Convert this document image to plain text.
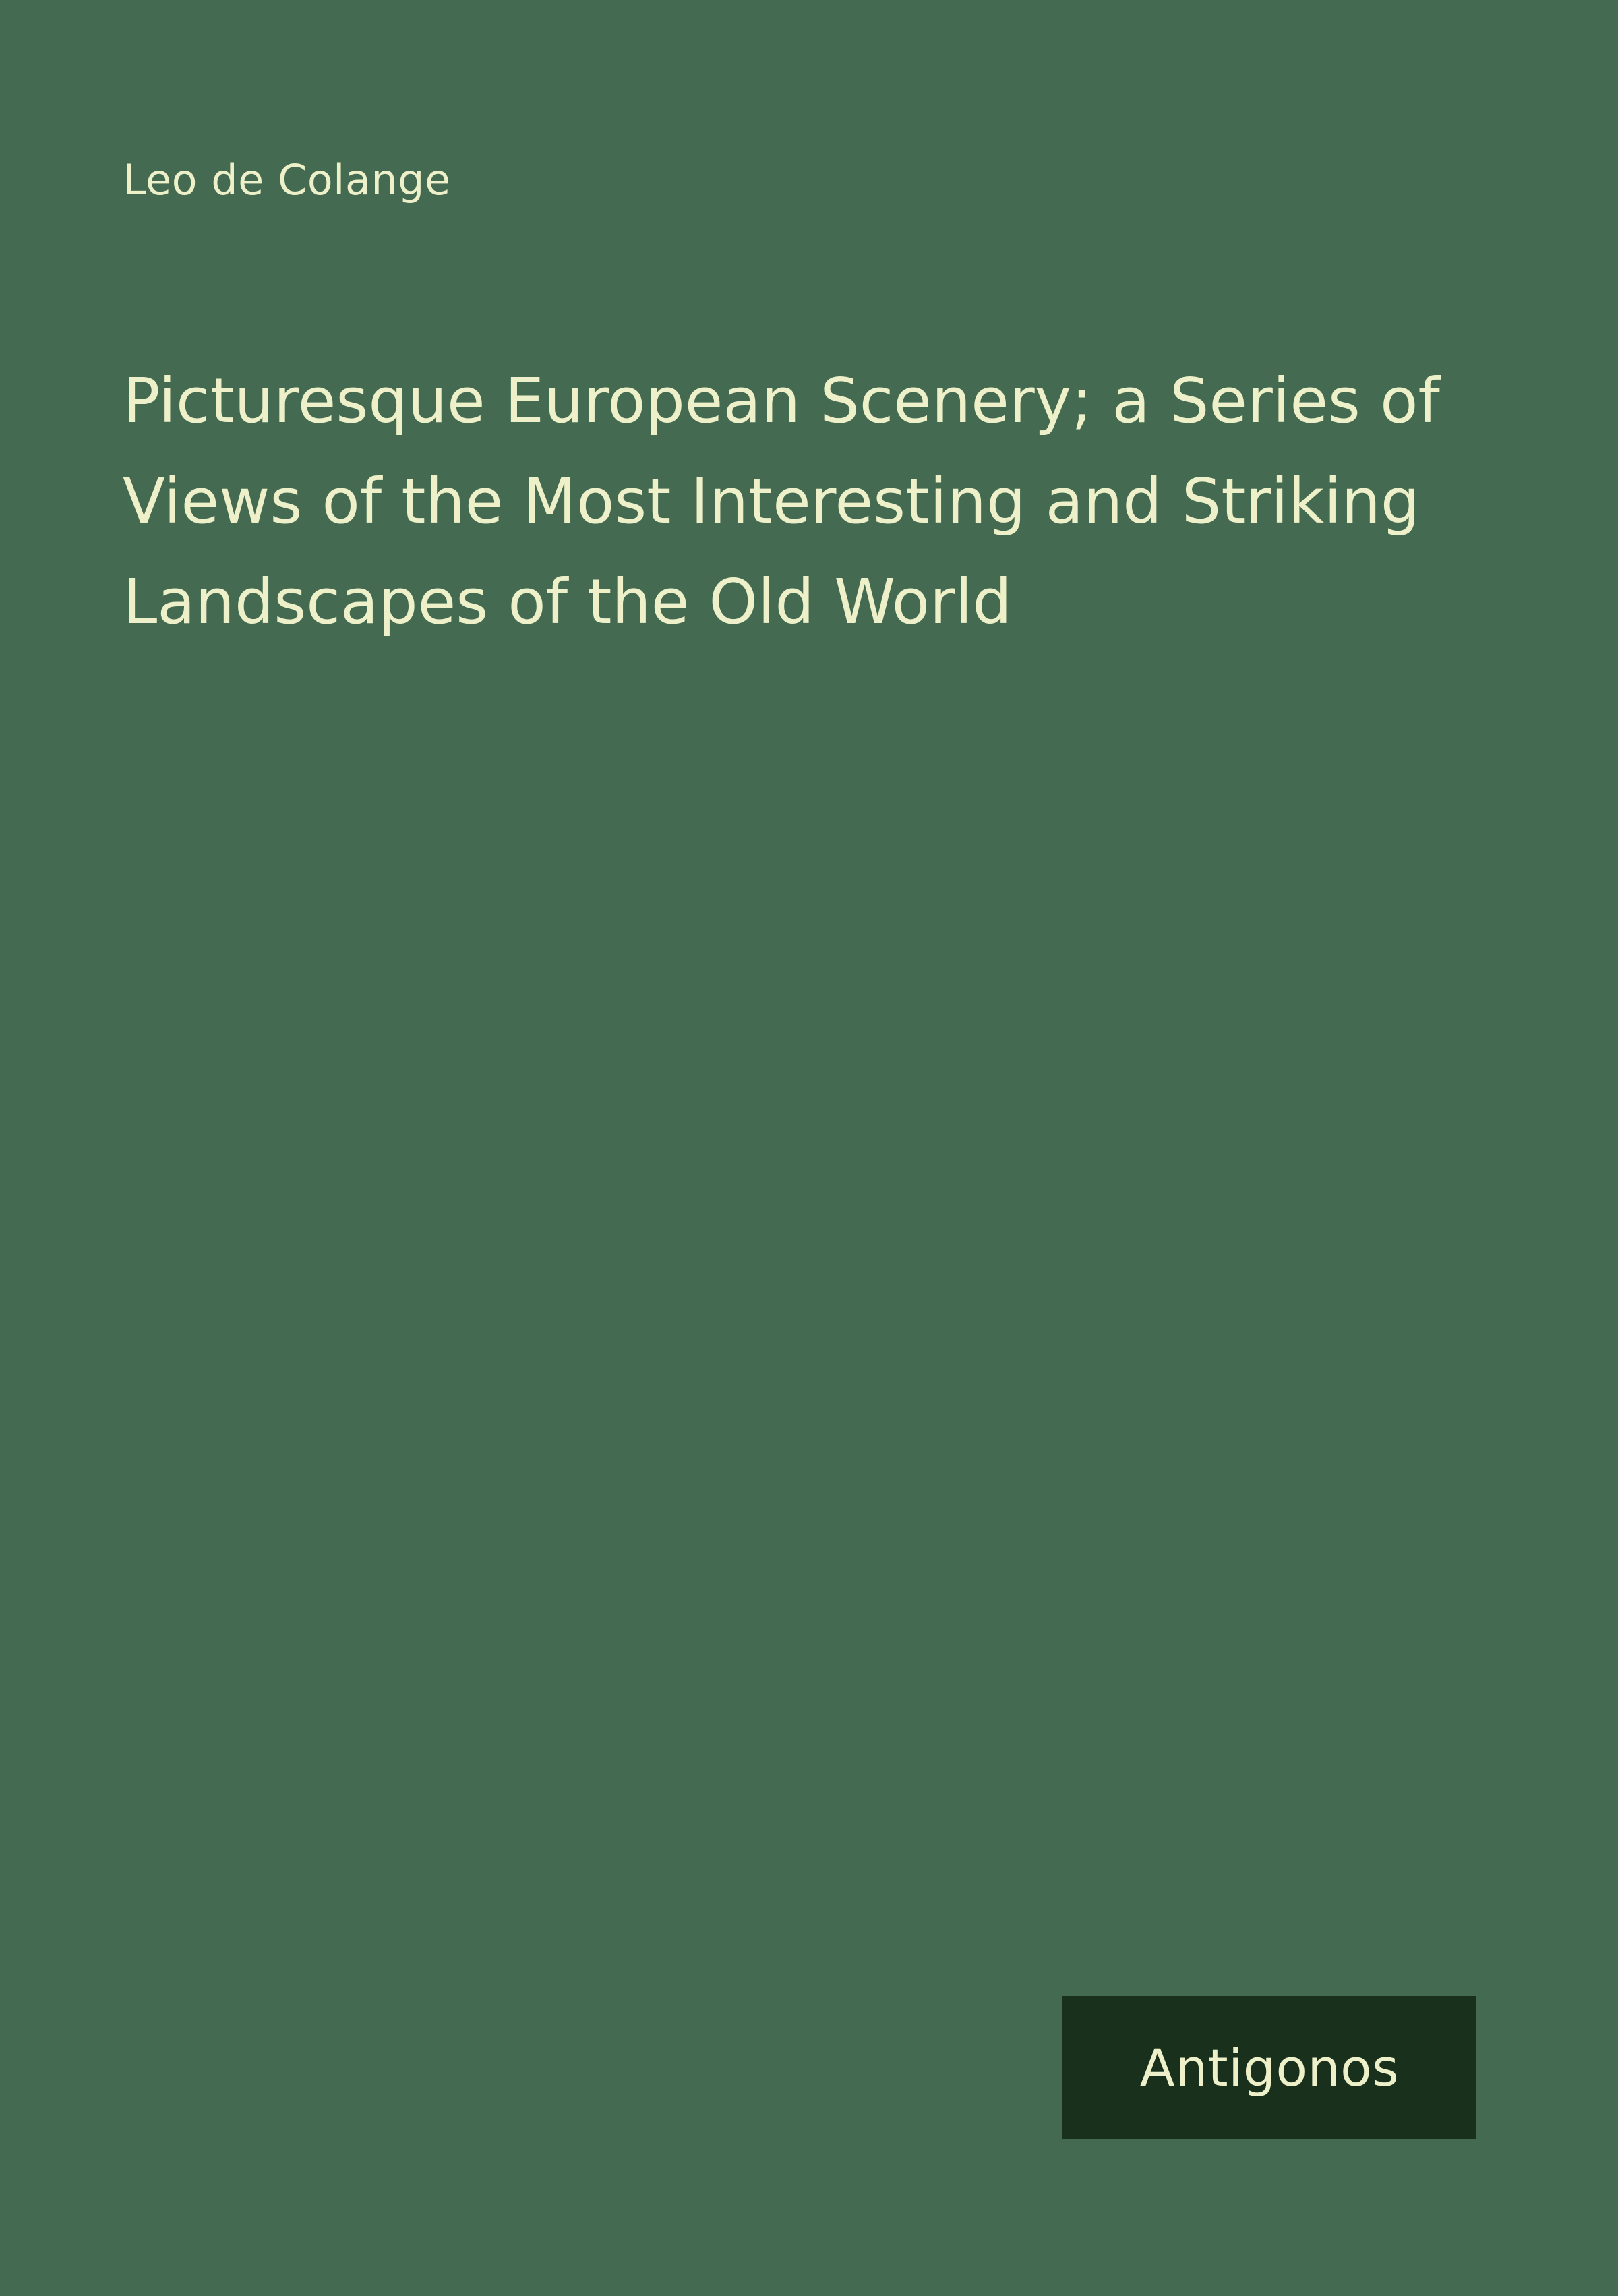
Leo de Colange
Picturesque European Scenery; a Series of Views of the Most Interesting and Striking Landscapes of the Old World
Antigonos
